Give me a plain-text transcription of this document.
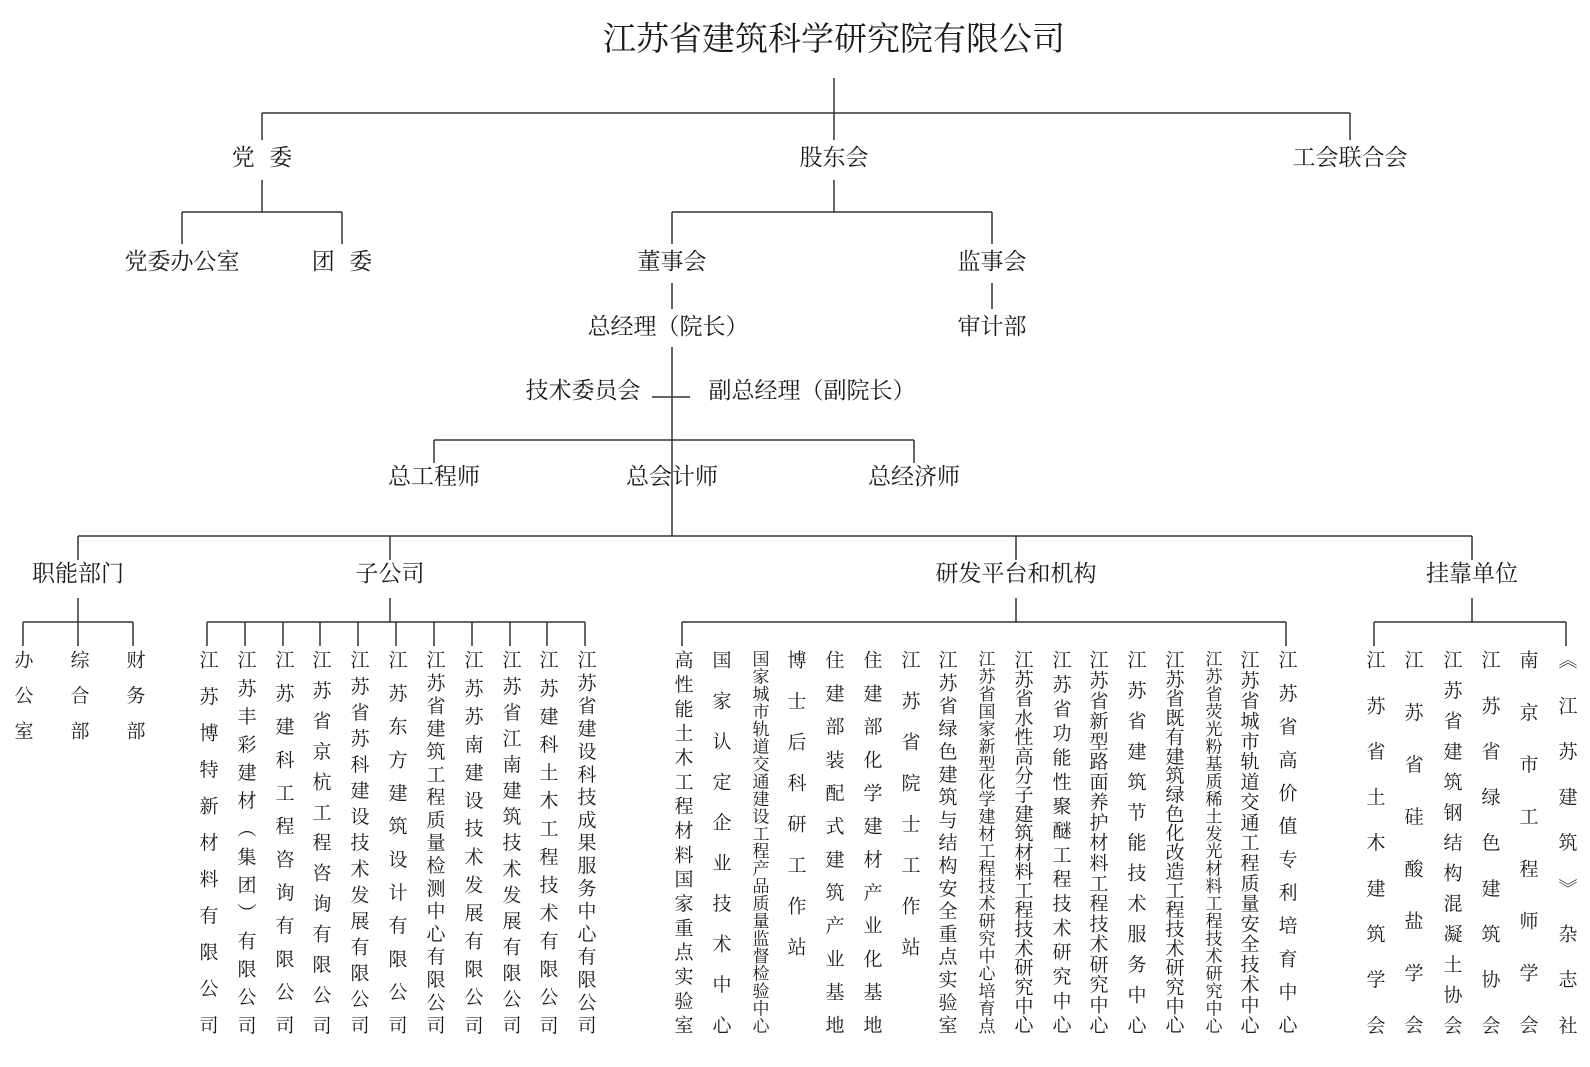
江苏省建筑科学研究院有限公司
党  委	股东会	工会联合会
党委办公室	团  委	董事会	监事会
审计部
总经理（院长）
技术委员会	副总经理（副院长）
总工程师	总会计师	总经济师
职能部门	子公司	研发平台和机构	挂靠单位
办公室 综合部 财务部	江苏博特新材料有限公司 江苏丰彩建材（集团）有限公司 江苏建科工程咨询有限公司 江苏省京杭工程咨询有限公司 江苏省苏科建设技术发展有限公司 江苏东方建筑设计有限公司 江苏省建筑工程质量检测中心有限公司 江苏苏南建设技术发展有限公司 江苏省江南建筑技术发展有限公司 江苏建科土木工程技术有限公司 江苏省建设科技成果服务中心有限公司	高性能土木工程材料国家重点实验室 国家认定企业技术中心 国家城市轨道交通建设工程产品质量监督检验中心 博士后科研工作站 住建部装配式建筑产业基地 住建部化学建材产业化基地 江苏省院士工作站 江苏省绿色建筑与结构安全重点实验室 江苏省国家新型化学建材工程技术研究中心培育点 江苏省水性高分子建筑材料工程技术研究中心 江苏省功能性聚醚工程技术研究中心 江苏省新型路面养护材料工程技术研究中心 江苏省建筑节能技术服务中心 江苏省既有建筑绿色化改造工程技术研究中心 江苏省荧光粉基质稀土发光材料工程技术研究中心 江苏省城市轨道交通工程质量安全技术中心 江苏省高价值专利培育中心	江苏省土木建筑学会 江苏省硅酸盐学会 江苏省建筑钢结构混凝土协会 江苏省绿色建筑协会 南京市工程师学会 《江苏建筑》杂志社
